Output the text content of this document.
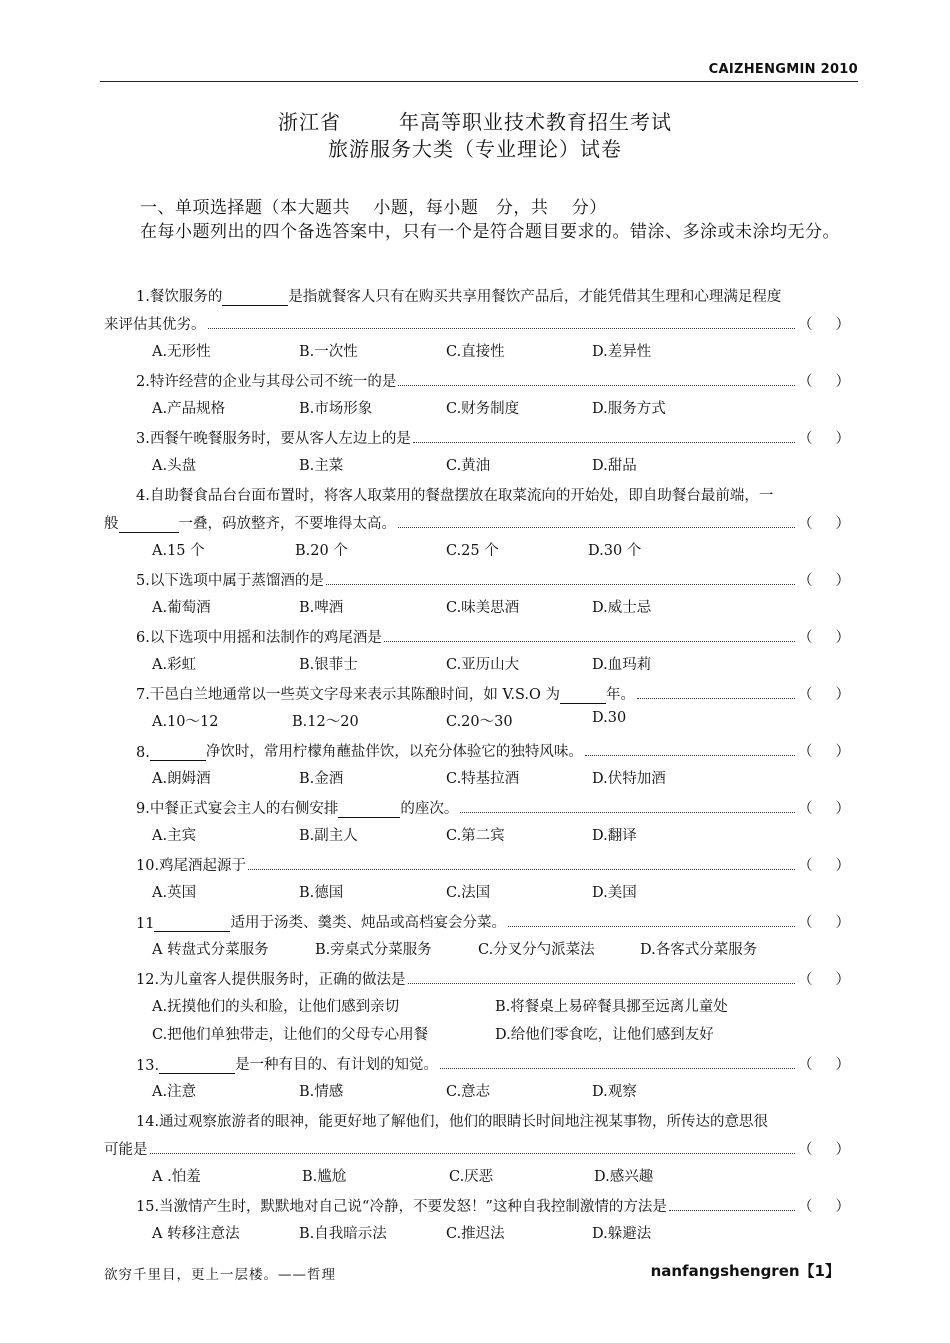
CAIZHENGMIN 2010
浙江省	年高等职业技术教育招生考试
旅游服务大类（专业理论）试卷
一、单项选择题（本大题共　 小题，每小题　分，共　 分）
在每小题列出的四个备选答案中，只有一个是符合题目要求的。错涂、多涂或未涂均无分。
1.餐饮服务的	是指就餐客人只有在购买共享用餐饮产品后，才能凭借其生理和心理满足程度
来评估其优劣。	（ ）
A.无形性	B.一次性	C.直接性	D.差异性
2.特许经营的企业与其母公司不统一的是	（ ）
A.产品规格	B.市场形象	C.财务制度	D.服务方式
3.西餐午晚餐服务时，要从客人左边上的是	（ ）
A.头盘	B.主菜	C.黄油	D.甜品
4.自助餐食品台台面布置时，将客人取菜用的餐盘摆放在取菜流向的开始处，即自助餐台最前端，一
般	一叠，码放整齐，不要堆得太高。	（ ）
A.15 个	B.20 个	C.25 个	D.30 个
5.以下选项中属于蒸馏酒的是	（ ）
A.葡萄酒	B.啤酒	C.味美思酒	D.威士忌
6.以下选项中用摇和法制作的鸡尾酒是	（ ）
A.彩虹	B.银菲士	C.亚历山大	D.血玛莉
7.干邑白兰地通常以一些英文字母来表示其陈酿时间，如 V.S.O 为	年。	（ ）
A.10～12	B.12～20	C.20～30	D.30
8.	净饮时，常用柠檬角蘸盐伴饮，以充分体验它的独特风味。	（ ）
A.朗姆酒	B.金酒	C.特基拉酒	D.伏特加酒
9.中餐正式宴会主人的右侧安排	的座次。	（ ）
A.主宾	B.副主人	C.第二宾	D.翻译
10.鸡尾酒起源于	（ ）
A.英国	B.德国	C.法国	D.美国
11	适用于汤类、羹类、炖品或高档宴会分菜。	（ ）
A 转盘式分菜服务	B.旁桌式分菜服务	C.分叉分勺派菜法	D.各客式分菜服务
12.为儿童客人提供服务时，正确的做法是	（ ）
A.抚摸他们的头和脸，让他们感到亲切	B.将餐桌上易碎餐具挪至远离儿童处
C.把他们单独带走，让他们的父母专心用餐	D.给他们零食吃，让他们感到友好
13.	是一种有目的、有计划的知觉。	（ ）
A.注意	B.情感	C.意志	D.观察
14.通过观察旅游者的眼神，能更好地了解他们，他们的眼睛长时间地注视某事物，所传达的意思很
可能是	（ ）
A .怕羞	B.尴尬	C.厌恶	D.感兴趣
15.当激情产生时，默默地对自己说“冷静，不要发怒！”这种自我控制激情的方法是	（ ）
A 转移注意法	B.自我暗示法	C.推迟法	D.躲避法
欲穷千里目，更上一层楼。——哲理	nanfangshengren【1】
